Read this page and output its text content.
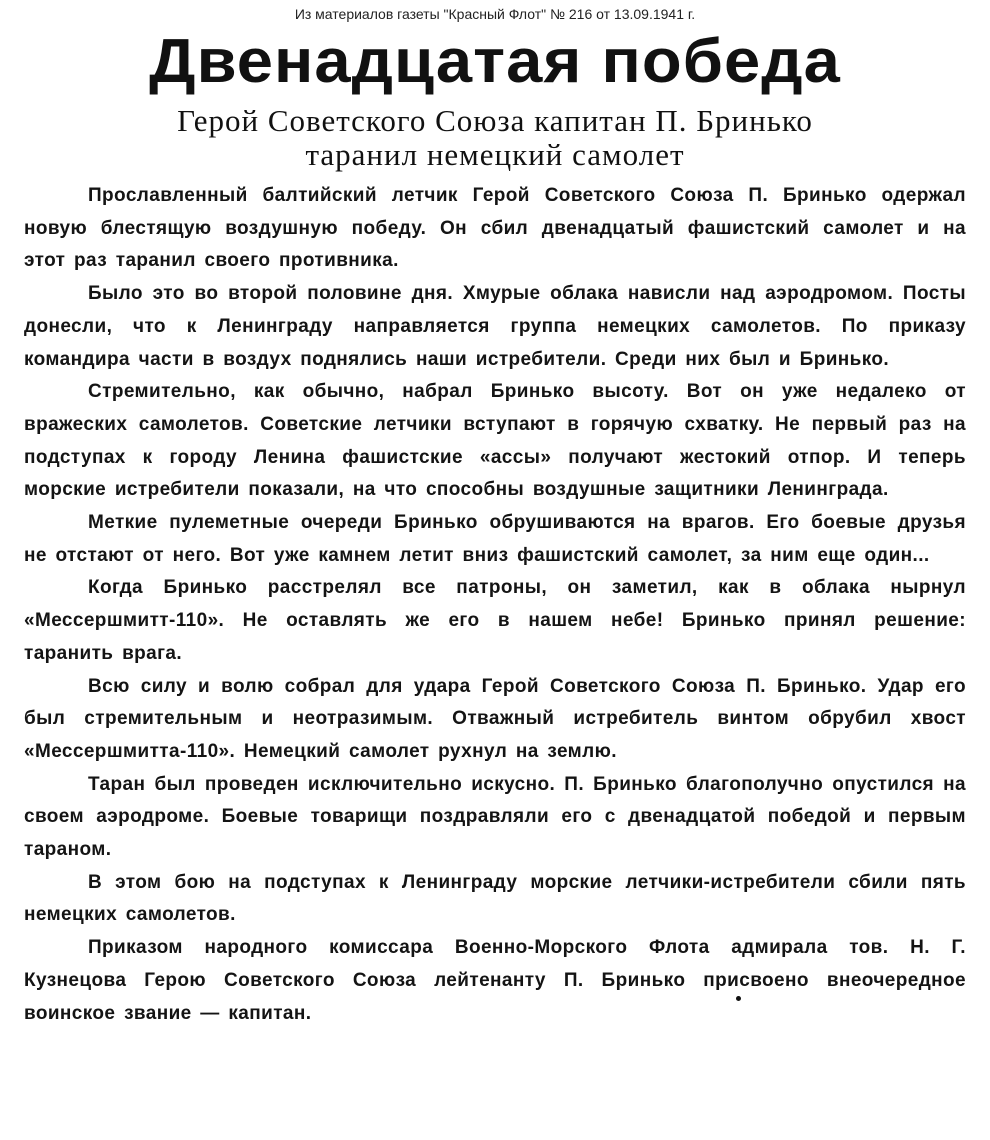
Из материалов газеты "Красный Флот" № 216 от 13.09.1941 г.
Двенадцатая победа
Герой Советского Союза капитан П. Бринько
таранил немецкий самолет

Прославленный балтийский летчик Герой Советского Союза П. Бринько одержал новую блестящую воздушную победу. Он сбил двенадцатый фашистский самолет и на этот раз таранил своего противника.

Было это во второй половине дня. Хмурые облака нависли над аэродромом. Посты донесли, что к Ленинграду направляется группа немецких самолетов. По приказу командира части в воздух поднялись наши истребители. Среди них был и Бринько.

Стремительно, как обычно, набрал Бринько высоту. Вот он уже недалеко от вражеских самолетов. Советские летчики вступают в горячую схватку. Не первый раз на подступах к городу Ленина фашистские «ассы» получают жестокий отпор. И теперь морские истребители показали, на что способны воздушные защитники Ленинграда.

Меткие пулеметные очереди Бринько обрушиваются на врагов. Его боевые друзья не отстают от него. Вот уже камнем летит вниз фашистский самолет, за ним еще один...

Когда Бринько расстрелял все патроны, он заметил, как в облака нырнул «Мессершмитт-110». Не оставлять же его в нашем небе! Бринько принял решение: таранить врага.

Всю силу и волю собрал для удара Герой Советского Союза П. Бринько. Удар его был стремительным и неотразимым. Отважный истребитель винтом обрубил хвост «Мессершмитта-110». Немецкий самолет рухнул на землю.

Таран был проведен исключительно искусно. П. Бринько благополучно опустился на своем аэродроме. Боевые товарищи поздравляли его с двенадцатой победой и первым тараном.

В этом бою на подступах к Ленинграду морские летчики-истребители сбили пять немецких самолетов.

Приказом народного комиссара Военно-Морского Флота адмирала тов. Н. Г. Кузнецова Герою Советского Союза лейтенанту П. Бринько присвоено внеочередное воинское звание — капитан.
